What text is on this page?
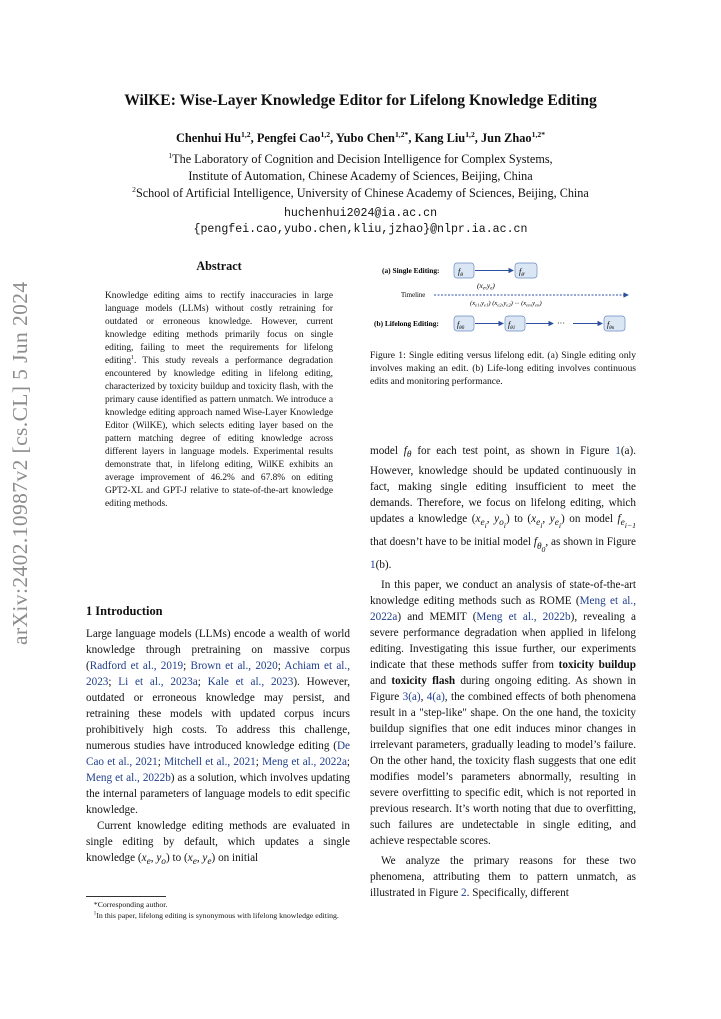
arXiv:2402.10987v2 [cs.CL] 5 Jun 2024
WilKE: Wise-Layer Knowledge Editor for Lifelong Knowledge Editing
Chenhui Hu$^{1,2}$, Pengfei Cao$^{1,2}$, Yubo Chen$^{1,2*}$, Kang Liu$^{1,2}$, Jun Zhao$^{1,2*}$
$^1$The Laboratory of Cognition and Decision Intelligence for Complex Systems,
Institute of Automation, Chinese Academy of Sciences, Beijing, China
$^2$School of Artificial Intelligence, University of Chinese Academy of Sciences, Beijing, China
huchenhui2024@ia.ac.cn
{pengfei.cao,yubo.chen,kliu,jzhao}@nlpr.ia.ac.cn
Abstract
Knowledge editing aims to rectify inaccuracies in large language models (LLMs) without costly retraining for outdated or erroneous knowledge. However, current knowledge editing methods primarily focus on single editing, failing to meet the requirements for lifelong editing$^1$. This study reveals a performance degradation encountered by knowledge editing in lifelong editing, characterized by toxicity buildup and toxicity flash, with the primary cause identified as pattern unmatch. We introduce a knowledge editing approach named Wise-Layer Knowledge Editor (WilKE), which selects editing layer based on the pattern matching degree of editing knowledge across different layers in language models. Experimental results demonstrate that, in lifelong editing, WilKE exhibits an average improvement of 46.2% and 67.8% on editing GPT2-XL and GPT-J relative to state-of-the-art knowledge editing methods.
1 Introduction

Large language models (LLMs) encode a wealth of world knowledge through pretraining on massive corpus (Radford et al., 2019; Brown et al., 2020; Achiam et al., 2023; Li et al., 2023a; Kale et al., 2023). However, outdated or erroneous knowledge may persist, and retraining these models with updated corpus incurs prohibitively high costs. To address this challenge, numerous studies have introduced knowledge editing (De Cao et al., 2021; Mitchell et al., 2021; Meng et al., 2022a; Meng et al., 2022b) as a solution, which involves updating the internal parameters of language models to edit specific knowledge.

Current knowledge editing methods are evaluated in single editing by default, which updates a single knowledge ($x_e$, $y_o$) to ($x_e$, $y_e$) on initial

*Corresponding author.
$^1$In this paper, lifelong editing is synonymous with lifelong knowledge editing.
(a) Single Editing: $f_\theta$	$f_{\theta'}$
$(x_e,y_e)$
Timeline
$(x_{e1},y_{e1})$ $(x_{e2},y_{e2})$ ··· $(x_{en},y_{en})$
(b) Lifelong Editing: $f_{\theta 0}$	$f_{\theta 1}$
···	$f_{\theta n}$
Figure 1: Single editing versus lifelong edit. (a) Single editing only involves making an edit. (b) Life-long editing involves continuous edits and monitoring performance.

model $f_\theta$ for each test point, as shown in Figure 1(a). However, knowledge should be updated continuously in fact, making single editing insufficient to meet the demands. Therefore, we focus on lifelong editing, which updates a knowledge ($x_{e_i}$, $y_{o_i}$) to ($x_{e_i}$, $y_{e_i}$) on model $f_{e_{i-1}}$ that doesn’t have to be initial model $f_{\theta_0}$, as shown in Figure 1(b).

In this paper, we conduct an analysis of state-of-the-art knowledge editing methods such as ROME (Meng et al., 2022a) and MEMIT (Meng et al., 2022b), revealing a severe performance degradation when applied in lifelong editing. Investigating this issue further, our experiments indicate that these methods suffer from toxicity buildup and toxicity flash during ongoing editing. As shown in Figure 3(a), 4(a), the combined effects of both phenomena result in a "step-like" shape. On the one hand, the toxicity buildup signifies that one edit induces minor changes in irrelevant parameters, gradually leading to model’s failure. On the other hand, the toxicity flash suggests that one edit modifies model’s parameters abnormally, resulting in severe overfitting to specific edit, which is not reported in previous research. It’s worth noting that due to overfitting, such failures are undetectable in single editing, and achieve respectable scores.

We analyze the primary reasons for these two phenomena, attributing them to pattern unmatch, as illustrated in Figure 2. Specifically, different
